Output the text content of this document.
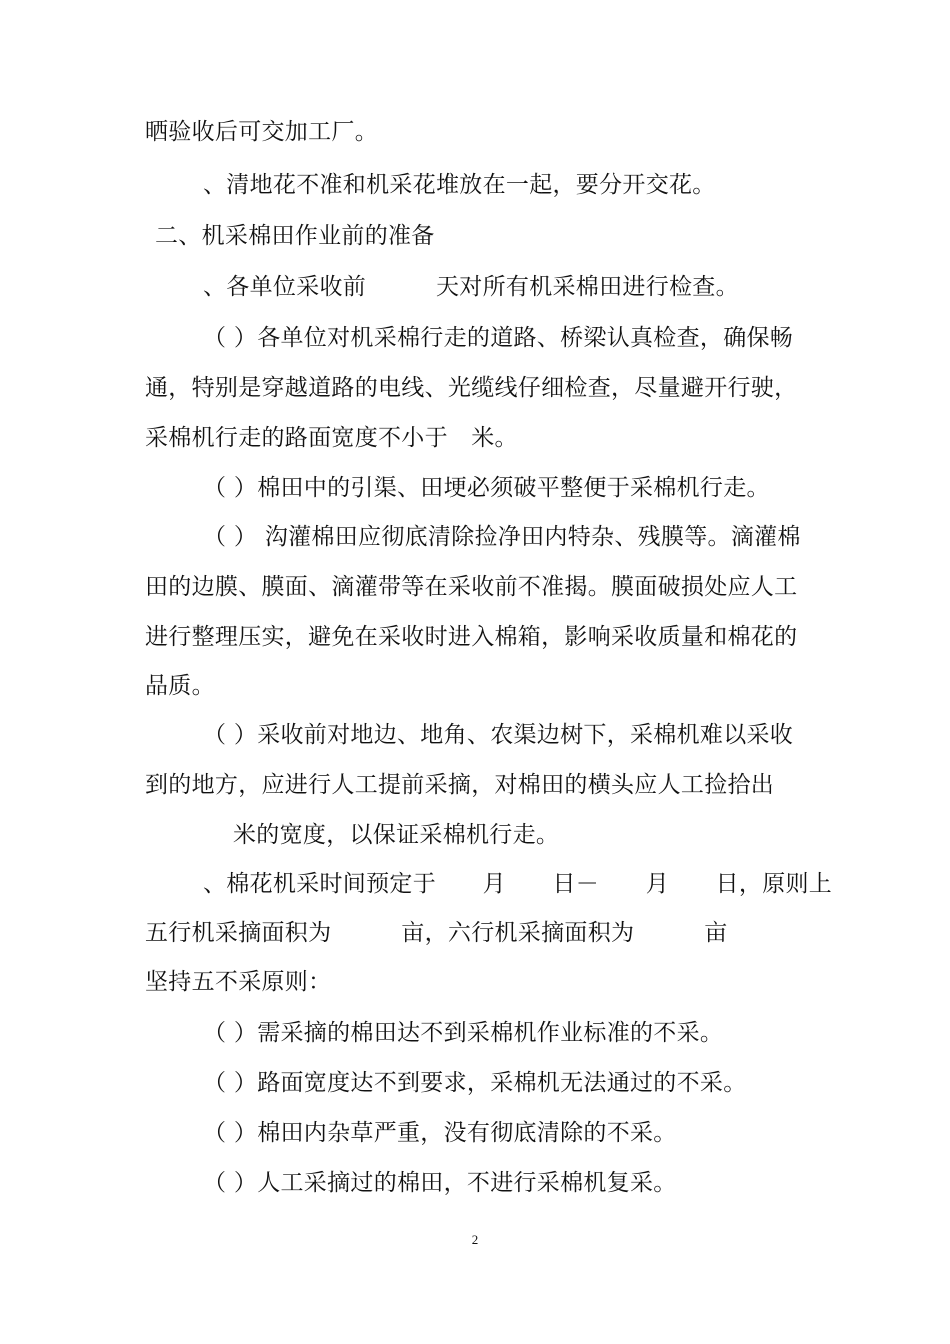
晒验收后可交加工厂。
、清地花不准和机采花堆放在一起，要分开交花。
二、机采棉田作业前的准备
、各单位采收前　　　天对所有机采棉田进行检查。
（ ）各单位对机采棉行走的道路、桥梁认真检查，确保畅
通，特别是穿越道路的电线、光缆线仔细检查，尽量避开行驶，
采棉机行走的路面宽度不小于　米。
（ ）棉田中的引渠、田埂必须破平整便于采棉机行走。
（ ） 沟灌棉田应彻底清除捡净田内特杂、残膜等。滴灌棉
田的边膜、膜面、滴灌带等在采收前不准揭。膜面破损处应人工
进行整理压实，避免在采收时进入棉箱，影响采收质量和棉花的
品质。
（ ）采收前对地边、地角、农渠边树下，采棉机难以采收
到的地方，应进行人工提前采摘，对棉田的横头应人工捡拾出
米的宽度，以保证采棉机行走。
、棉花机采时间预定于　　月　　日－　　月　　日，原则上
五行机采摘面积为　　　亩，六行机采摘面积为　　　亩
坚持五不采原则：
（ ）需采摘的棉田达不到采棉机作业标准的不采。
（ ）路面宽度达不到要求，采棉机无法通过的不采。
（ ）棉田内杂草严重，没有彻底清除的不采。
（ ）人工采摘过的棉田，不进行采棉机复采。
2
